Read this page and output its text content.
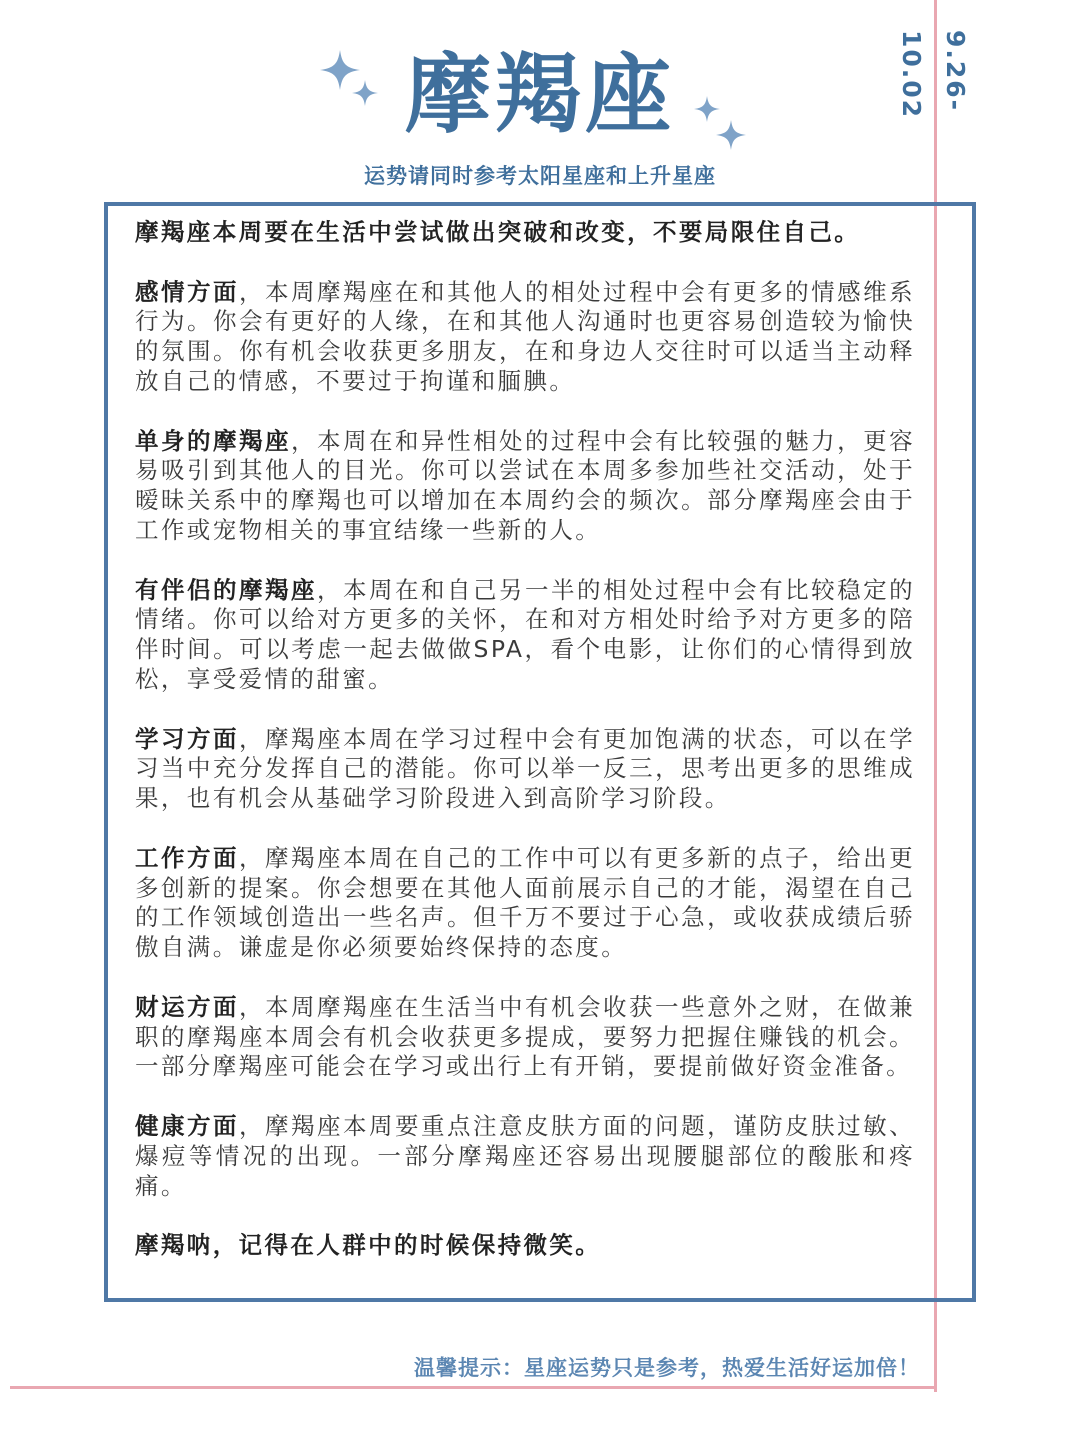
摩羯座
运势请同时参考太阳星座和上升星座
9.26-10.02

摩羯座本周要在生活中尝试做出突破和改变，不要局限住自己。

感情方面，本周摩羯座在和其他人的相处过程中会有更多的情感维系行为。你会有更好的人缘，在和其他人沟通时也更容易创造较为愉快的氛围。你有机会收获更多朋友，在和身边人交往时可以适当主动释放自己的情感，不要过于拘谨和腼腆。

单身的摩羯座，本周在和异性相处的过程中会有比较强的魅力，更容易吸引到其他人的目光。你可以尝试在本周多参加些社交活动，处于暧昧关系中的摩羯也可以增加在本周约会的频次。部分摩羯座会由于工作或宠物相关的事宜结缘一些新的人。

有伴侣的摩羯座，本周在和自己另一半的相处过程中会有比较稳定的情绪。你可以给对方更多的关怀，在和对方相处时给予对方更多的陪伴时间。可以考虑一起去做做SPA，看个电影，让你们的心情得到放松，享受爱情的甜蜜。

学习方面，摩羯座本周在学习过程中会有更加饱满的状态，可以在学习当中充分发挥自己的潜能。你可以举一反三，思考出更多的思维成果，也有机会从基础学习阶段进入到高阶学习阶段。

工作方面，摩羯座本周在自己的工作中可以有更多新的点子，给出更多创新的提案。你会想要在其他人面前展示自己的才能，渴望在自己的工作领域创造出一些名声。但千万不要过于心急，或收获成绩后骄傲自满。谦虚是你必须要始终保持的态度。

财运方面，本周摩羯座在生活当中有机会收获一些意外之财，在做兼职的摩羯座本周会有机会收获更多提成，要努力把握住赚钱的机会。一部分摩羯座可能会在学习或出行上有开销，要提前做好资金准备。

健康方面，摩羯座本周要重点注意皮肤方面的问题，谨防皮肤过敏、爆痘等情况的出现。一部分摩羯座还容易出现腰腿部位的酸胀和疼痛。

摩羯呐，记得在人群中的时候保持微笑。

温馨提示：星座运势只是参考，热爱生活好运加倍！
